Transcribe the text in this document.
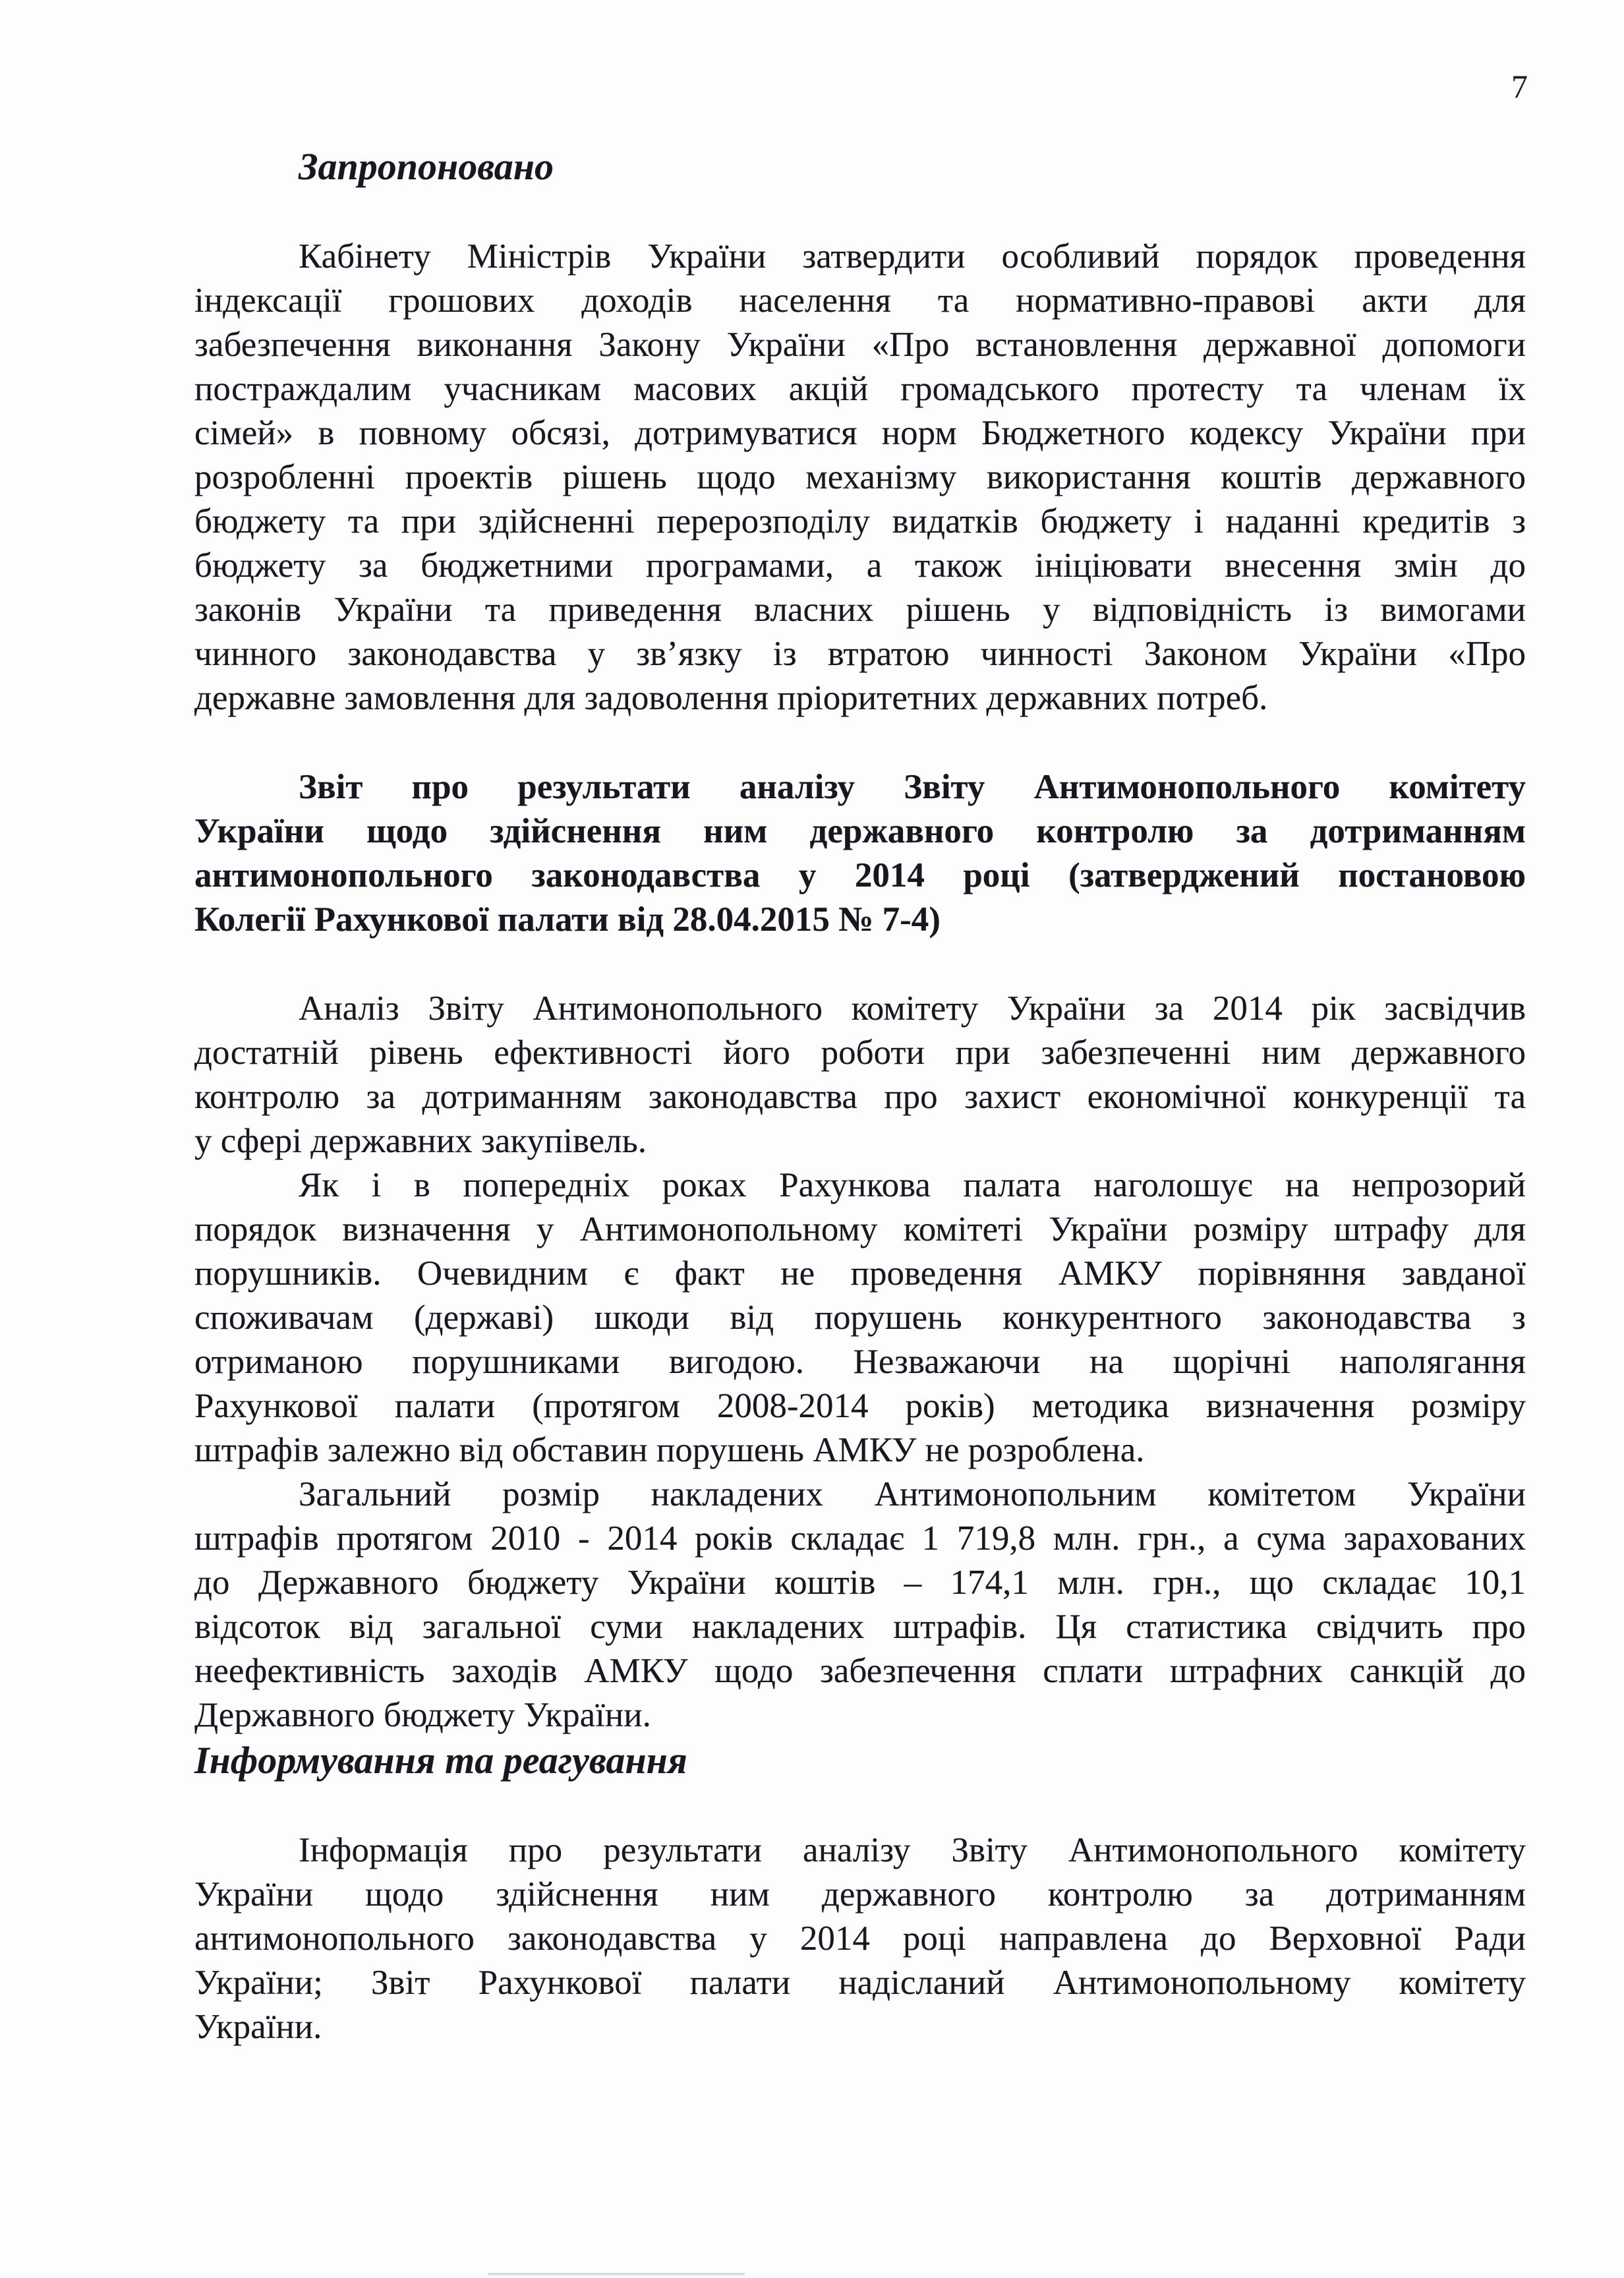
7
Запропоновано
Кабінету Міністрів України затвердити особливий порядок проведення
індексації грошових доходів населення та нормативно-правові акти для
забезпечення виконання Закону України «Про встановлення державної допомоги
постраждалим учасникам масових акцій громадського протесту та членам їх
сімей» в повному обсязі, дотримуватися норм Бюджетного кодексу України при
розробленні проектів рішень щодо механізму використання коштів державного
бюджету та при здійсненні перерозподілу видатків бюджету і наданні кредитів з
бюджету за бюджетними програмами, а також ініціювати внесення змін до
законів України та приведення власних рішень у відповідність із вимогами
чинного законодавства у зв’язку із втратою чинності Законом України «Про
державне замовлення для задоволення пріоритетних державних потреб.
Звіт про результати аналізу Звіту Антимонопольного комітету
України щодо здійснення ним державного контролю за дотриманням
антимонопольного законодавства у 2014 році (затверджений постановою
Колегії Рахункової палати від 28.04.2015 № 7-4)
Аналіз Звіту Антимонопольного комітету України за 2014 рік засвідчив
достатній рівень ефективності його роботи при забезпеченні ним державного
контролю за дотриманням законодавства про захист економічної конкуренції та
у сфері державних закупівель.
Як і в попередніх роках Рахункова палата наголошує на непрозорий
порядок визначення у Антимонопольному комітеті України розміру штрафу для
порушників. Очевидним є факт не проведення АМКУ порівняння завданої
споживачам (державі) шкоди від порушень конкурентного законодавства з
отриманою порушниками вигодою. Незважаючи на щорічні наполягання
Рахункової палати (протягом 2008-2014 років) методика визначення розміру
штрафів залежно від обставин порушень АМКУ не розроблена.
Загальний розмір накладених Антимонопольним комітетом України
штрафів протягом 2010 - 2014 років складає 1 719,8 млн. грн., а сума зарахованих
до Державного бюджету України коштів – 174,1 млн. грн., що складає 10,1
відсоток від загальної суми накладених штрафів. Ця статистика свідчить про
неефективність заходів АМКУ щодо забезпечення сплати штрафних санкцій до
Державного бюджету України.
Інформування та реагування
Інформація про результати аналізу Звіту Антимонопольного комітету
України щодо здійснення ним державного контролю за дотриманням
антимонопольного законодавства у 2014 році направлена до Верховної Ради
України; Звіт Рахункової палати надісланий Антимонопольному комітету
України.
